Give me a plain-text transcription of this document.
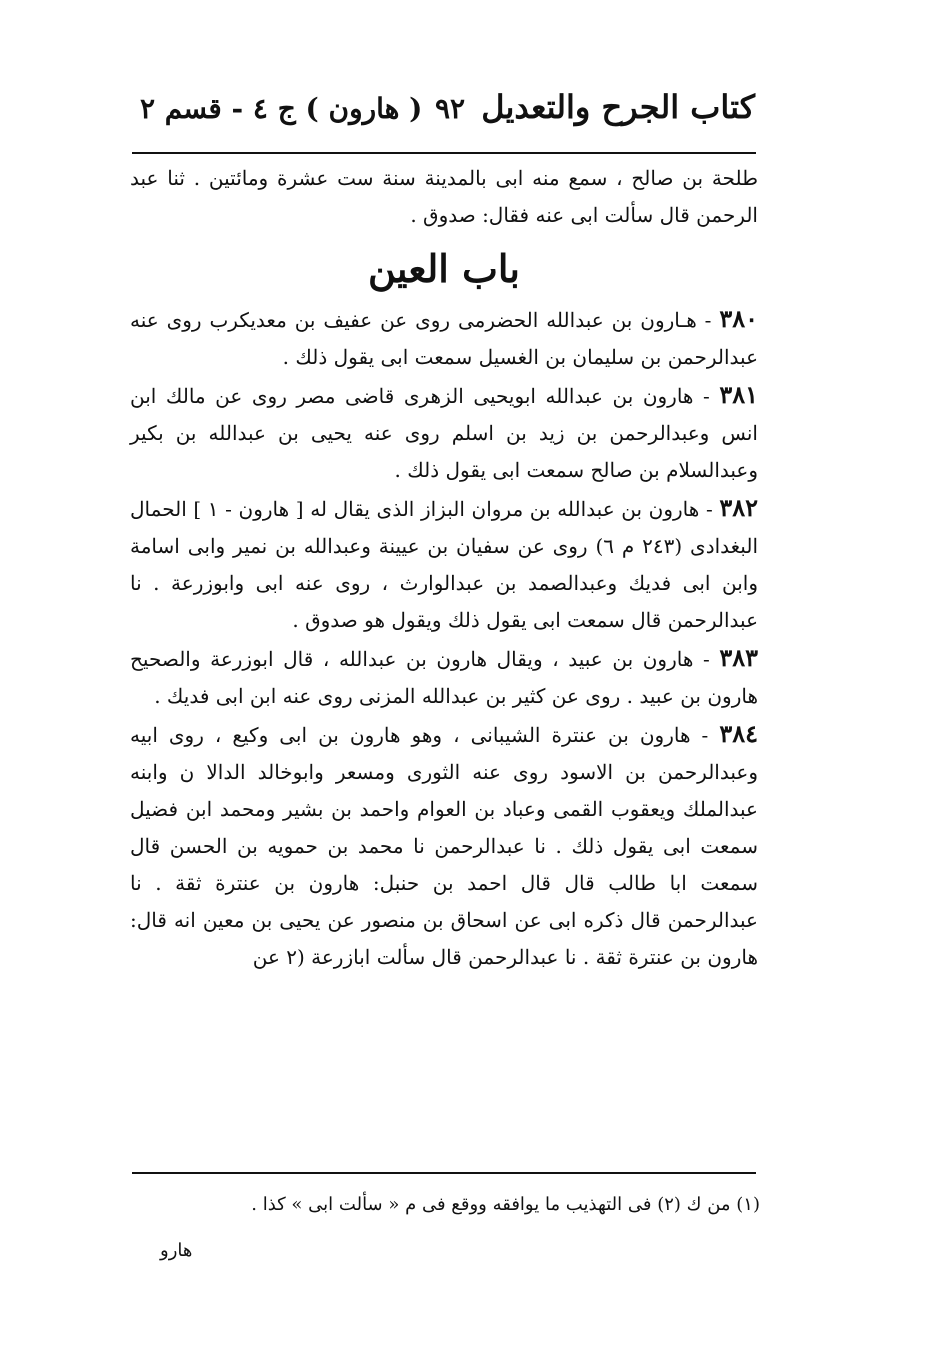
كتاب الجرح والتعديل
٩٢
( هارون ) ج ٤ - قسم ٢

طلحة بن صالح ، سمع منه ابى بالمدينة سنة ست عشرة ومائتين . ثنا عبد الرحمن قال سألت ابى عنه فقال: صدوق .

باب العين

٣٨٠ - هـارون بن عبدالله الحضرمى روى عن عفيف بن معديكرب روى عنه عبدالرحمن بن سليمان بن الغسيل سمعت ابى يقول ذلك .

٣٨١ - هارون بن عبدالله ابويحيى الزهرى قاضى مصر روى عن مالك ابن انس وعبدالرحمن بن زيد بن اسلم روى عنه يحيى بن عبدالله بن بكير وعبدالسلام بن صالح سمعت ابى يقول ذلك .

٣٨٢ - هارون بن عبدالله بن مروان البزاز الذى يقال له [ هارون - ١ ] الحمال البغدادى (٢٤٣ م ٦) روى عن سفيان بن عيينة وعبدالله بن نمير وابى اسامة وابن ابى فديك وعبدالصمد بن عبدالوارث ، روى عنه ابى وابوزرعة . نا عبدالرحمن قال سمعت ابى يقول ذلك ويقول هو صدوق .

٣٨٣ - هارون بن عبيد ، ويقال هارون بن عبدالله ، قال ابوزرعة والصحيح هارون بن عبيد . روى عن كثير بن عبدالله المزنى روى عنه ابن ابى فديك .

٣٨٤ - هارون بن عنترة الشيبانى ، وهو هارون بن ابى وكيع ، روى ابيه وعبدالرحمن بن الاسود روى عنه الثورى ومسعر وابوخالد الدالا ن وابنه عبدالملك ويعقوب القمى وعباد بن العوام واحمد بن بشير ومحمد ابن فضيل سمعت ابى يقول ذلك . نا عبدالرحمن نا محمد بن حمويه بن الحسن قال سمعت ابا طالب قال قال احمد بن حنبل: هارون بن عنترة ثقة . نا عبدالرحمن قال ذكره ابى عن اسحاق بن منصور عن يحيى بن معين انه قال: هارون بن عنترة ثقة . نا عبدالرحمن قال سألت ابازرعة (٢ عن

(١) من ك (٢) فى التهذيب ما يوافقه ووقع فى م « سألت ابى » كذا .
هارو
